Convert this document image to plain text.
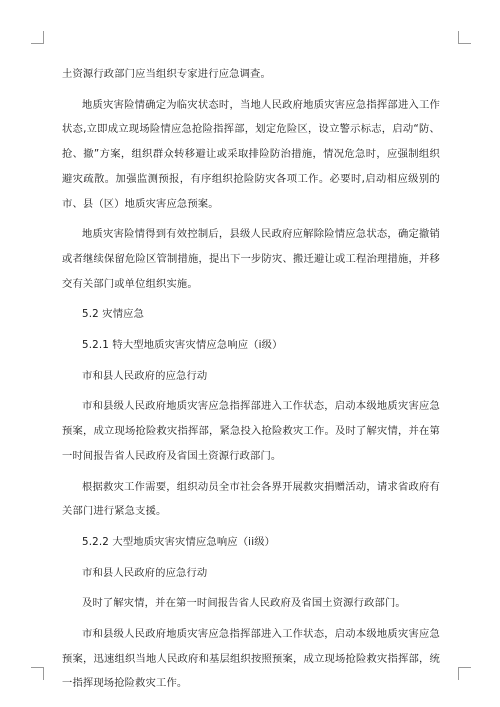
土资源行政部门应当组织专家进行应急调查。

地质灾害险情确定为临灾状态时，当地人民政府地质灾害应急指挥部进入工作状态,立即成立现场险情应急抢险指挥部，划定危险区，设立警示标志，启动“防、抢、撤”方案，组织群众转移避让或采取排险防治措施，情况危急时，应强制组织避灾疏散。加强监测预报，有序组织抢险防灾各项工作。必要时,启动相应级别的市、县（区）地质灾害应急预案。

地质灾害险情得到有效控制后，县级人民政府应解除险情应急状态，确定撤销或者继续保留危险区管制措施，提出下一步防灾、搬迁避让或工程治理措施，并移交有关部门或单位组织实施。

5.2 灾情应急

5.2.1 特大型地质灾害灾情应急响应（i级）

市和县人民政府的应急行动

市和县级人民政府地质灾害应急指挥部进入工作状态，启动本级地质灾害应急预案，成立现场抢险救灾指挥部，紧急投入抢险救灾工作。及时了解灾情，并在第一时间报告省人民政府及省国土资源行政部门。

根据救灾工作需要，组织动员全市社会各界开展救灾捐赠活动，请求省政府有关部门进行紧急支援。

5.2.2 大型地质灾害灾情应急响应（ii级）

市和县人民政府的应急行动

及时了解灾情，并在第一时间报告省人民政府及省国土资源行政部门。

市和县级人民政府地质灾害应急指挥部进入工作状态，启动本级地质灾害应急预案，迅速组织当地人民政府和基层组织按照预案，成立现场抢险救灾指挥部，统一指挥现场抢险救灾工作。
